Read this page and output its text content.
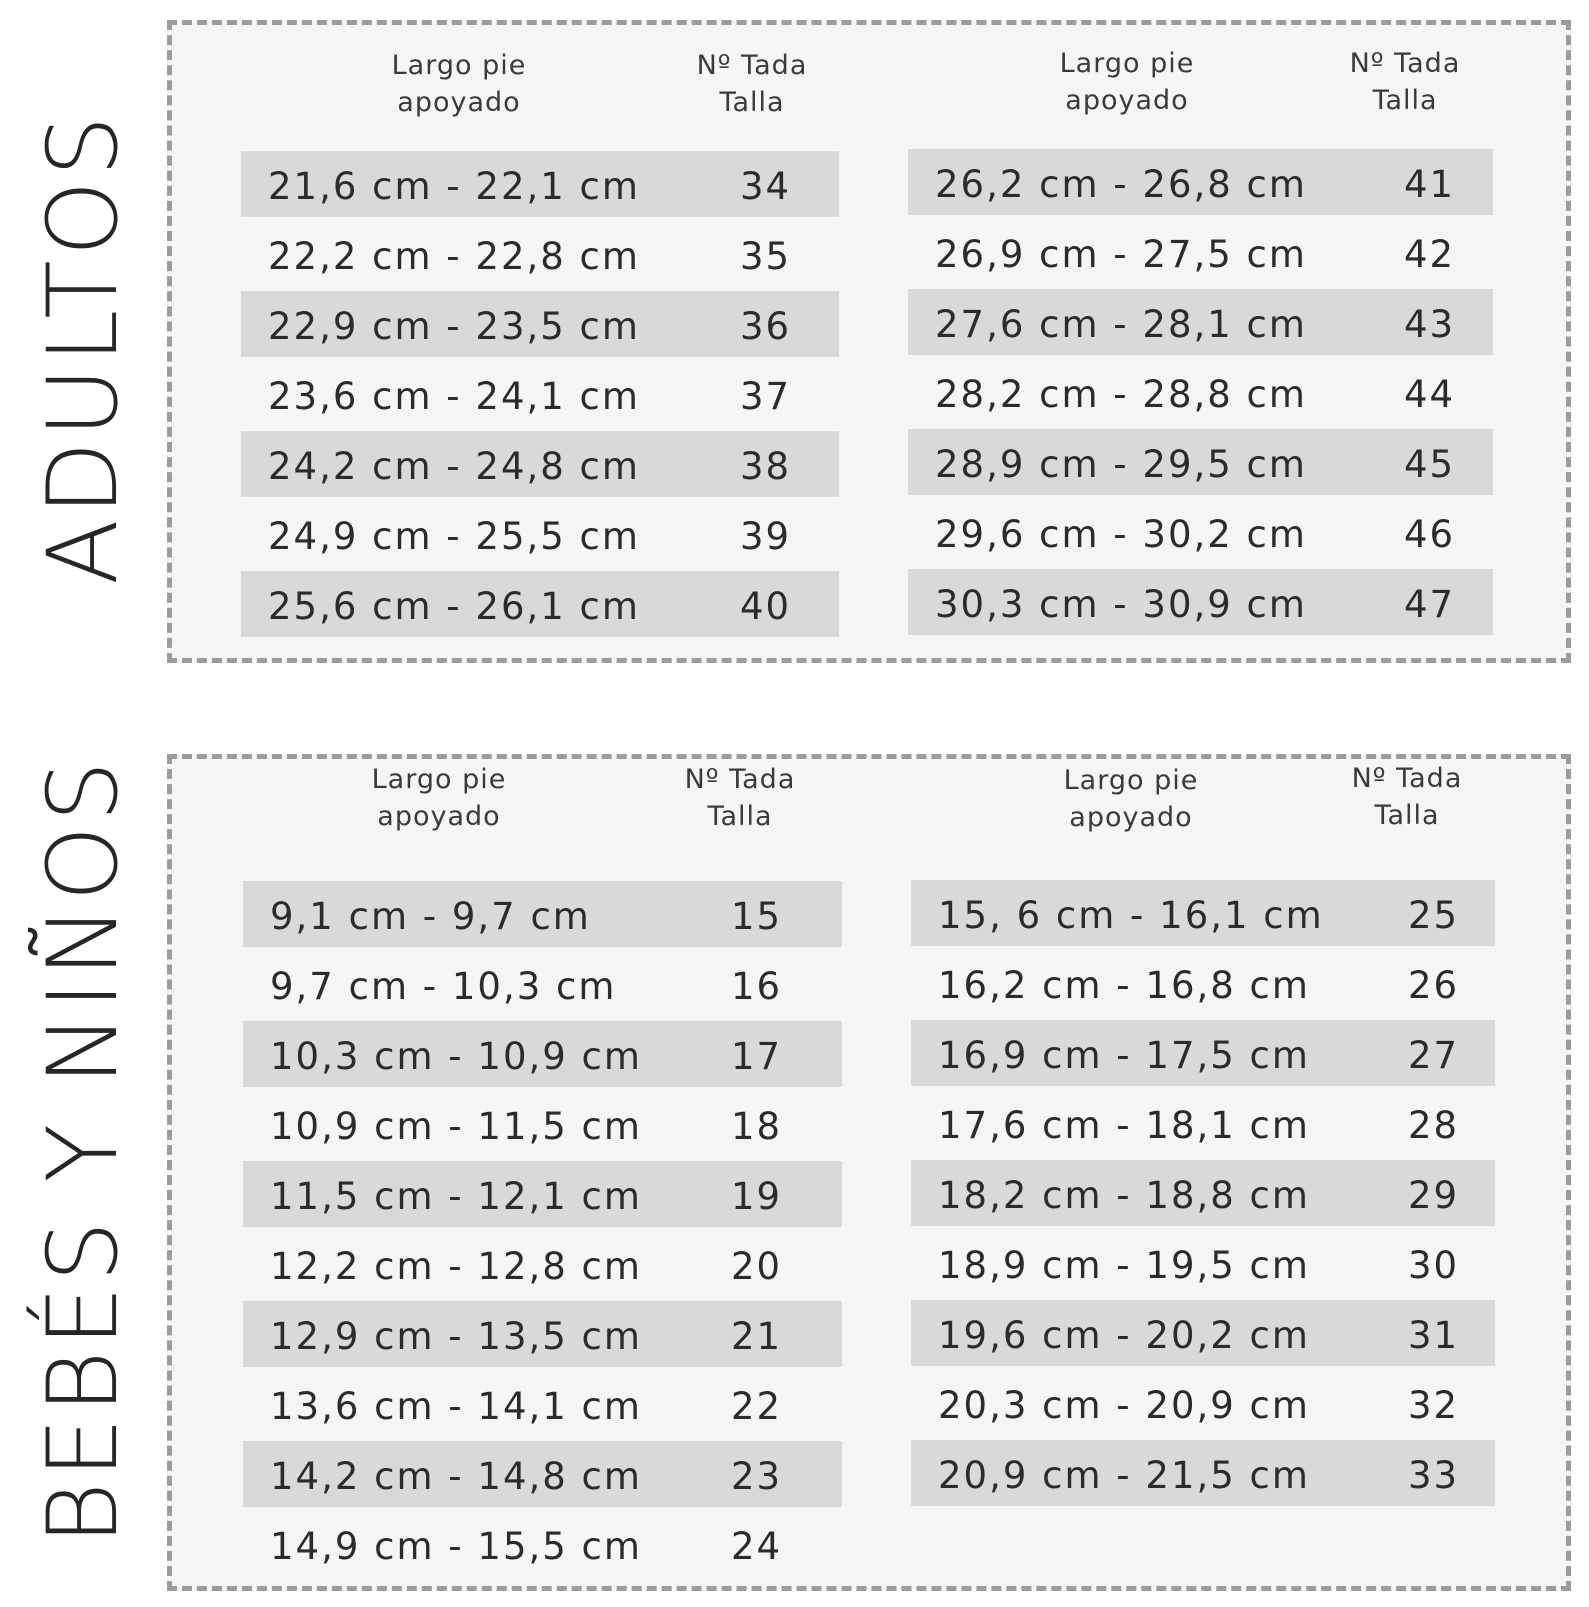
ADULTOS
BEBÉS Y NIÑOS
Largo pie apoyado
Nº Tada Talla
Largo pie apoyado
Nº Tada Talla
21,6 cm - 22,1 cm	34
22,2 cm - 22,8 cm	35
22,9 cm - 23,5 cm	36
23,6 cm - 24,1 cm	37
24,2 cm - 24,8 cm	38
24,9 cm - 25,5 cm	39
25,6 cm - 26,1 cm	40
26,2 cm - 26,8 cm	41
26,9 cm - 27,5 cm	42
27,6 cm - 28,1 cm	43
28,2 cm - 28,8 cm	44
28,9 cm - 29,5 cm	45
29,6 cm - 30,2 cm	46
30,3 cm - 30,9 cm	47
Largo pie apoyado
Nº Tada Talla
Largo pie apoyado
Nº Tada Talla
9,1 cm - 9,7 cm	15
9,7 cm - 10,3 cm	16
10,3 cm - 10,9 cm 17
10,9 cm - 11,5 cm 18
11,5 cm - 12,1 cm 19
12,2 cm - 12,8 cm 20
12,9 cm - 13,5 cm 21
13,6 cm - 14,1 cm 22
14,2 cm - 14,8 cm 23
14,9 cm - 15,5 cm 24
15, 6 cm - 16,1 cm 25
16,2 cm - 16,8 cm	26
16,9 cm - 17,5 cm	27
17,6 cm - 18,1 cm	28
18,2 cm - 18,8 cm	29
18,9 cm - 19,5 cm	30
19,6 cm - 20,2 cm	31
20,3 cm - 20,9 cm	32
20,9 cm - 21,5 cm	33
